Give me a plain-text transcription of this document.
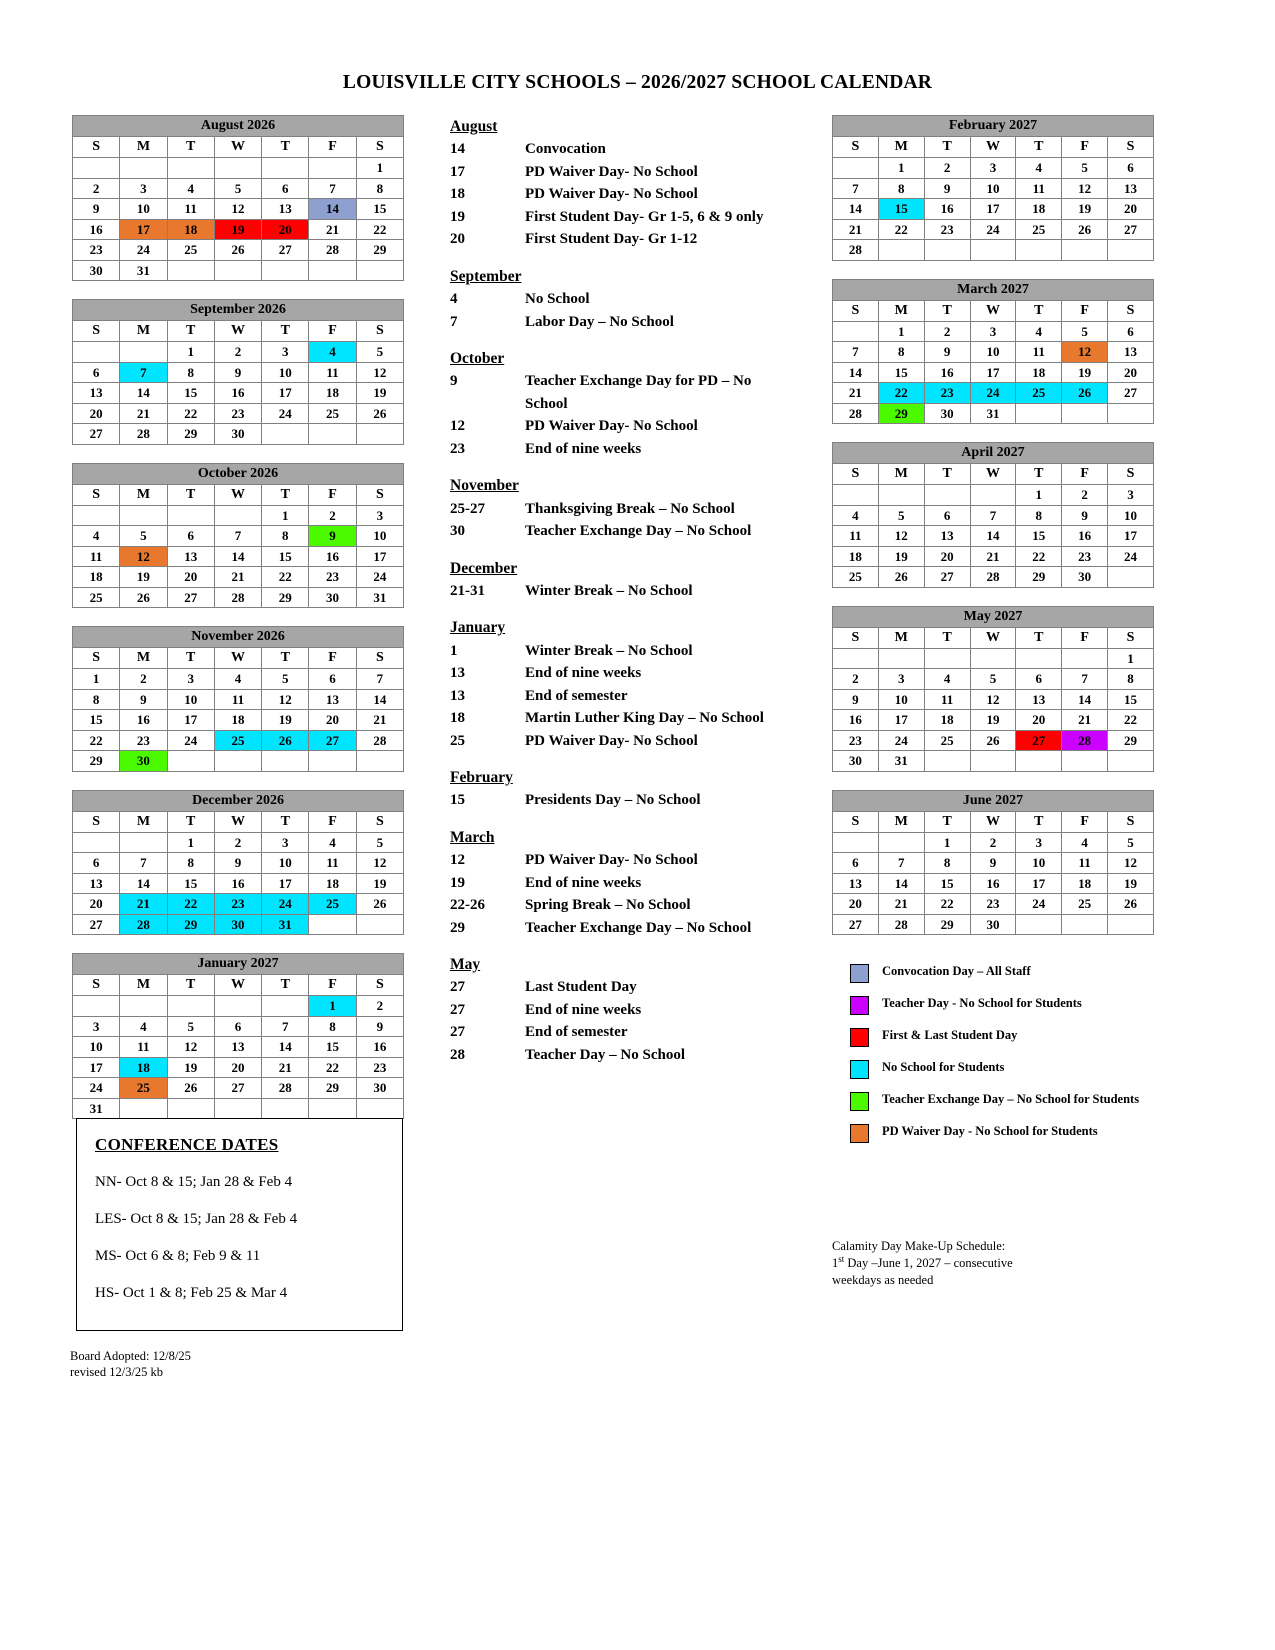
LOUISVILLE CITY SCHOOLS – 2026/2027 SCHOOL CALENDAR
August 2026						
S	M	T	W	T	F	S
						1
2	3	4	5	6	7	8
9	10	11	12	13	14	15
16	17	18	19	20	21	22
23	24	25	26	27	28	29
30	31					
September 2026						
S	M	T	W	T	F	S
		1	2	3	4	5
6	7	8	9	10	11	12
13	14	15	16	17	18	19
20	21	22	23	24	25	26
27	28	29	30			
October 2026						
S	M	T	W	T	F	S
				1	2	3
4	5	6	7	8	9	10
11	12	13	14	15	16	17
18	19	20	21	22	23	24
25	26	27	28	29	30	31
November 2026						
S	M	T	W	T	F	S
1	2	3	4	5	6	7
8	9	10	11	12	13	14
15	16	17	18	19	20	21
22	23	24	25	26	27	28
29	30					
December 2026						
S	M	T	W	T	F	S
		1	2	3	4	5
6	7	8	9	10	11	12
13	14	15	16	17	18	19
20	21	22	23	24	25	26
27	28	29	30	31		
January 2027						
S	M	T	W	T	F	S
					1	2
3	4	5	6	7	8	9
10	11	12	13	14	15	16
17	18	19	20	21	22	23
24	25	26	27	28	29	30
31						
August
14	Convocation
17	PD Waiver Day- No School
18	PD Waiver Day- No School
19	First Student Day- Gr 1-5, 6 & 9 only
20	First Student Day- Gr 1-12
September
4	No School
7	Labor Day – No School
October
9	Teacher Exchange Day for PD – No School
12	PD Waiver Day- No School
23	End of nine weeks
November
25-27	Thanksgiving Break – No School
30	Teacher Exchange Day – No School
December
21-31	Winter Break – No School
January
1	Winter Break – No School
13	End of nine weeks
13	End of semester
18	Martin Luther King Day – No School
25	PD Waiver Day- No School
February
15	Presidents Day – No School
March
12	PD Waiver Day- No School
19	End of nine weeks
22-26	Spring Break – No School
29	Teacher Exchange Day – No School
May
27	Last Student Day
27	End of nine weeks
27	End of semester
28	Teacher Day – No School
February 2027						
S	M	T	W	T	F	S
	1	2	3	4	5	6
7	8	9	10	11	12	13
14	15	16	17	18	19	20
21	22	23	24	25	26	27
28						
March 2027						
S	M	T	W	T	F	S
	1	2	3	4	5	6
7	8	9	10	11	12	13
14	15	16	17	18	19	20
21	22	23	24	25	26	27
28	29	30	31			
April 2027						
S	M	T	W	T	F	S
				1	2	3
4	5	6	7	8	9	10
11	12	13	14	15	16	17
18	19	20	21	22	23	24
25	26	27	28	29	30	
May 2027						
S	M	T	W	T	F	S
						1
2	3	4	5	6	7	8
9	10	11	12	13	14	15
16	17	18	19	20	21	22
23	24	25	26	27	28	29
30	31					
June 2027						
S	M	T	W	T	F	S
		1	2	3	4	5
6	7	8	9	10	11	12
13	14	15	16	17	18	19
20	21	22	23	24	25	26
27	28	29	30			
CONFERENCE DATES
NN- Oct 8 & 15; Jan 28 & Feb 4
LES- Oct 8 & 15; Jan 28 & Feb 4
MS- Oct 6 & 8; Feb 9 & 11
HS- Oct 1 & 8; Feb 25 & Mar 4
Board Adopted: 12/8/25
revised 12/3/25 kb
Convocation Day – All Staff
Teacher Day - No School for Students
First & Last Student Day
No School for Students
Teacher Exchange Day – No School for Students
PD Waiver Day - No School for Students
Calamity Day Make-Up Schedule:
1st Day –June 1, 2027 – consecutive
weekdays as needed
